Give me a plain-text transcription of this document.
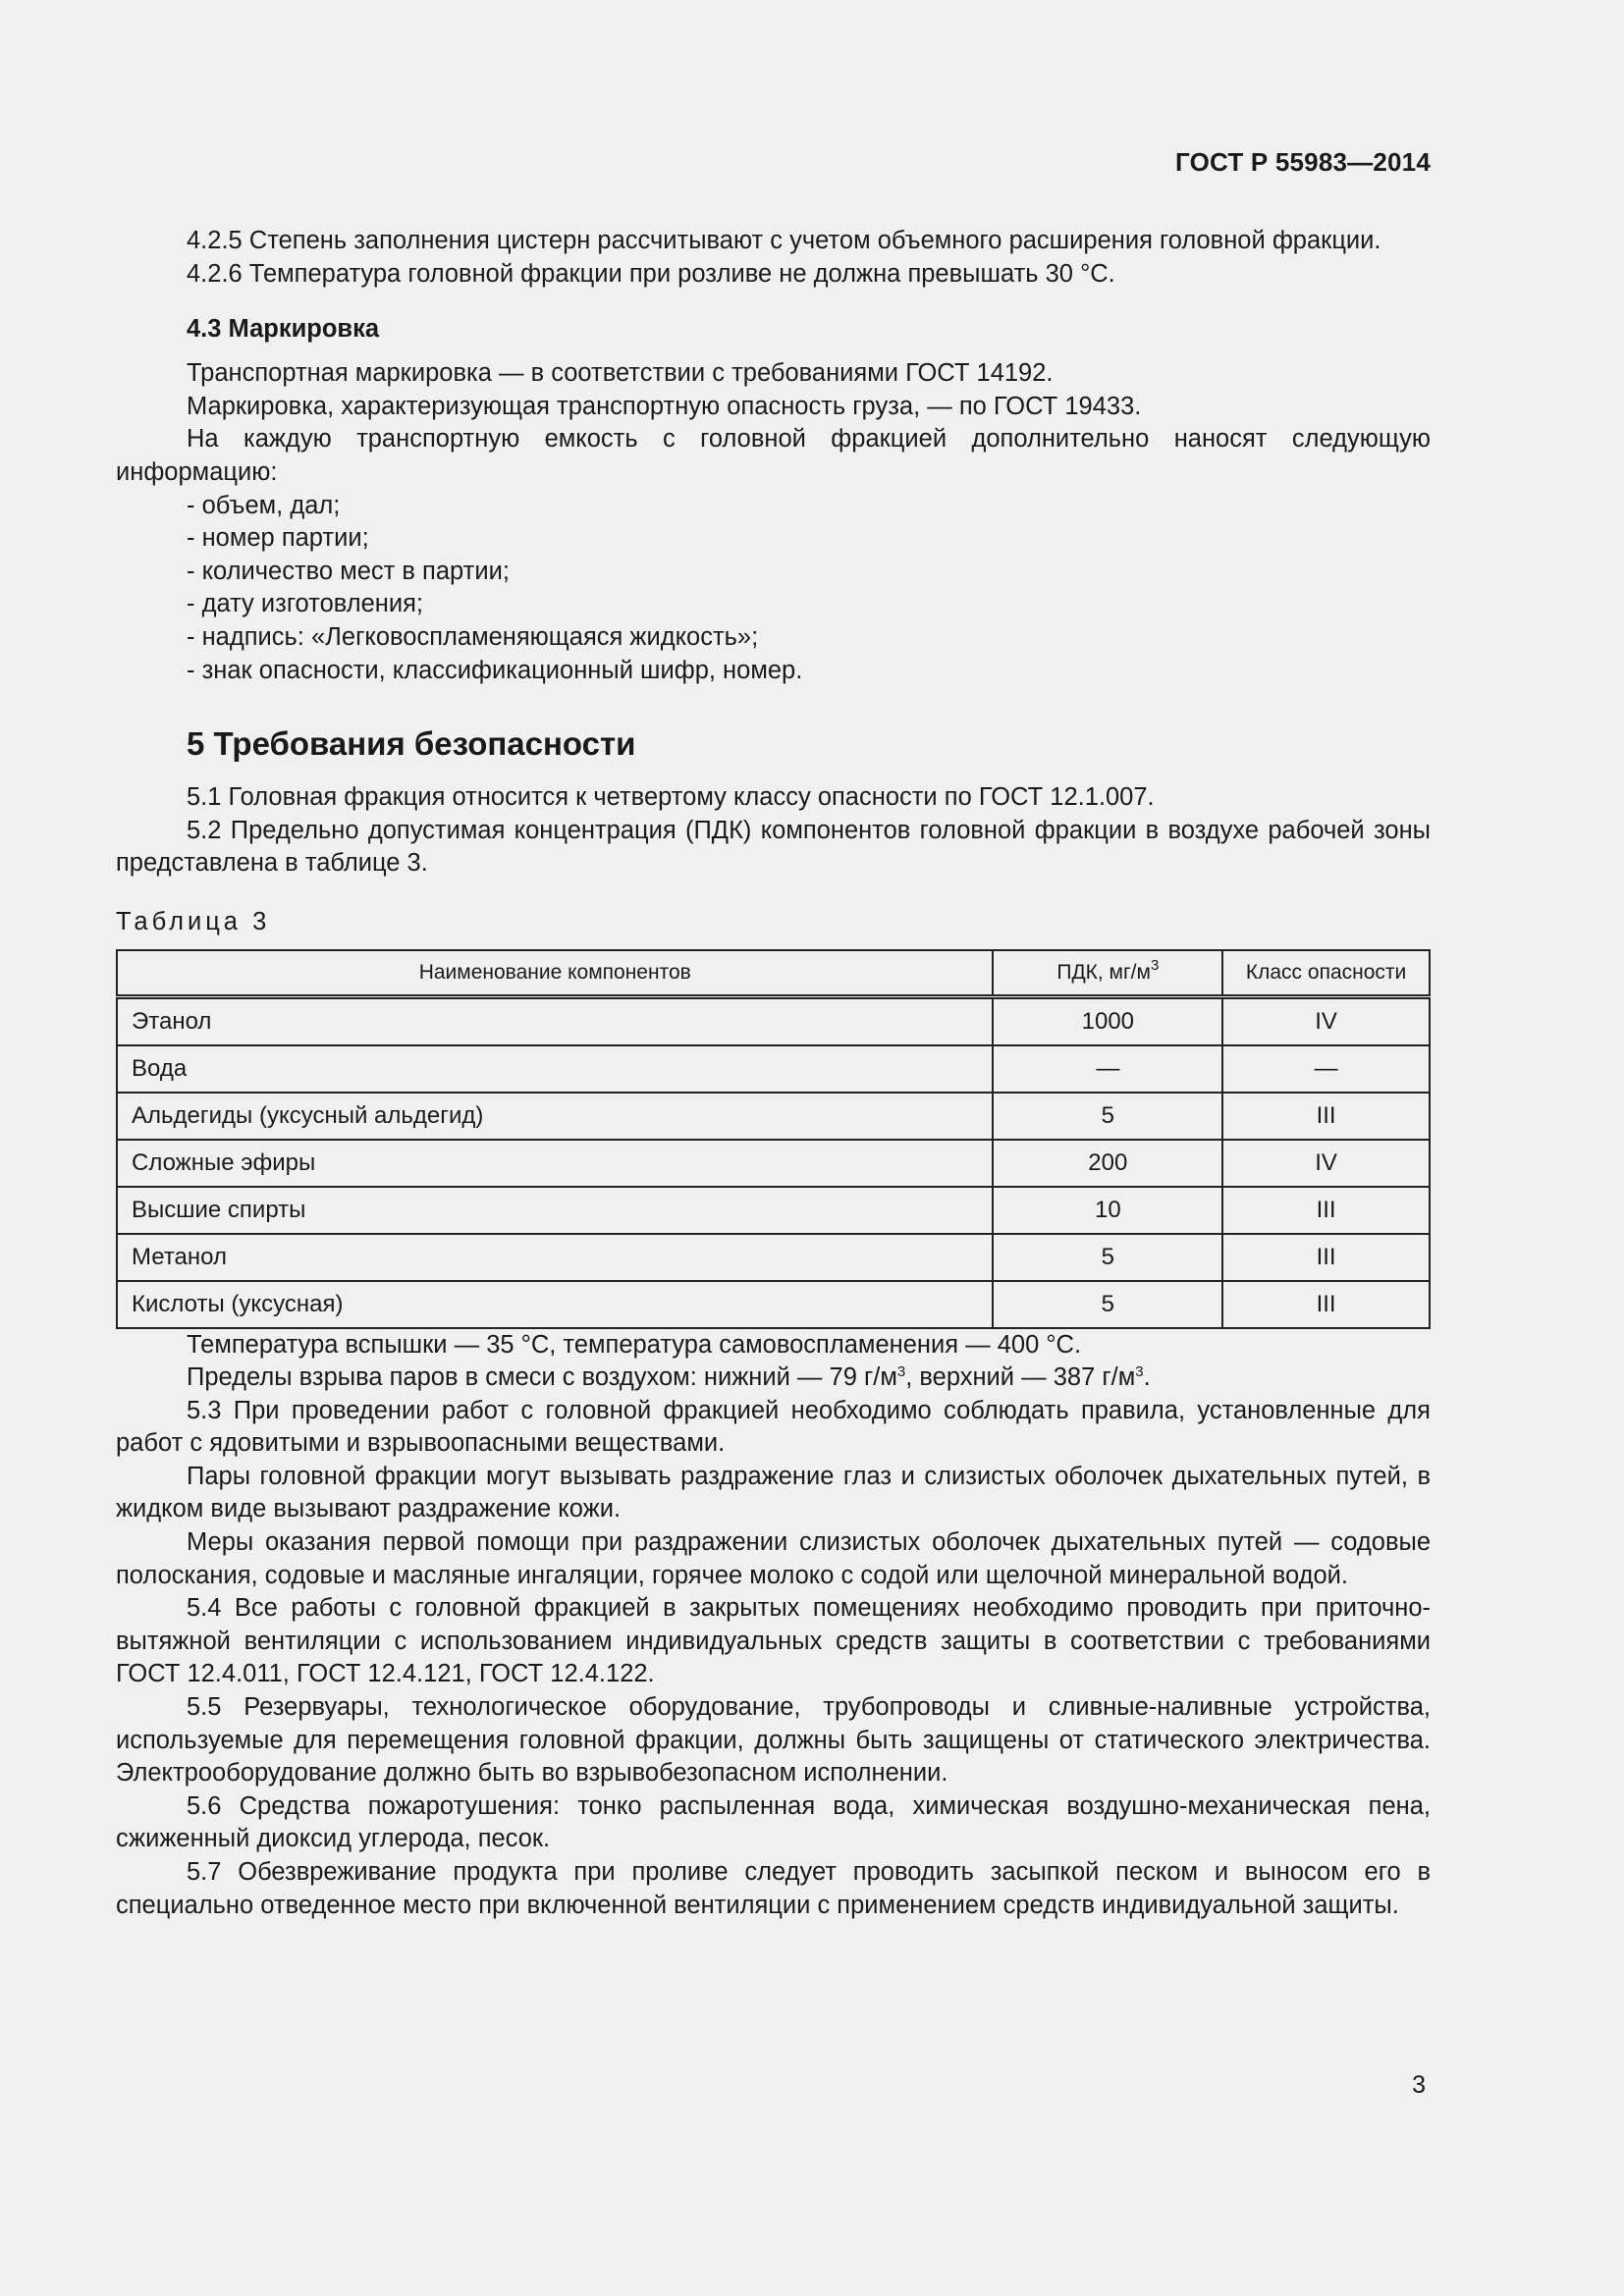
ГОСТ Р 55983—2014

4.2.5 Степень заполнения цистерн рассчитывают с учетом объемного расширения головной фракции.

4.2.6 Температура головной фракции при розливе не должна превышать 30 °С.

4.3 Маркировка

Транспортная маркировка — в соответствии с требованиями ГОСТ 14192.

Маркировка, характеризующая транспортную опасность груза, — по ГОСТ 19433.

На каждую транспортную емкость с головной фракцией дополнительно наносят следующую информацию:

- объем, дал;

- номер партии;

- количество мест в партии;

- дату изготовления;

- надпись: «Легковоспламеняющаяся жидкость»;

- знак опасности, классификационный шифр, номер.

5 Требования безопасности

5.1 Головная фракция относится к четвертому классу опасности по ГОСТ 12.1.007.

5.2 Предельно допустимая концентрация (ПДК) компонентов головной фракции в воздухе рабочей зоны представлена в таблице 3.

Таблица 3
Наименование компонентов	ПДК, $мг/м^3$	Класс опасности
Этанол	1000	IV
Вода	—	—
Альдегиды (уксусный альдегид)	5	III
Сложные эфиры	200	IV
Высшие спирты	10	III
Метанол	5	III
Кислоты (уксусная)	5	III

Температура вспышки — 35 °С, температура самовоспламенения — 400 °С.

Пределы взрыва паров в смеси с воздухом: нижний — 79 $г/м^3$, верхний — 387 $г/м^3$.

5.3 При проведении работ с головной фракцией необходимо соблюдать правила, установленные для работ с ядовитыми и взрывоопасными веществами.

Пары головной фракции могут вызывать раздражение глаз и слизистых оболочек дыхательных путей, в жидком виде вызывают раздражение кожи.

Меры оказания первой помощи при раздражении слизистых оболочек дыхательных путей — содовые полоскания, содовые и масляные ингаляции, горячее молоко с содой или щелочной минеральной водой.

5.4 Все работы с головной фракцией в закрытых помещениях необходимо проводить при приточно-вытяжной вентиляции с использованием индивидуальных средств защиты в соответствии с требованиями ГОСТ 12.4.011, ГОСТ 12.4.121, ГОСТ 12.4.122.

5.5 Резервуары, технологическое оборудование, трубопроводы и сливные-наливные устройства, используемые для перемещения головной фракции, должны быть защищены от статического электричества. Электрооборудование должно быть во взрывобезопасном исполнении.

5.6 Средства пожаротушения: тонко распыленная вода, химическая воздушно-механическая пена, сжиженный диоксид углерода, песок.

5.7 Обезвреживание продукта при проливе следует проводить засыпкой песком и выносом его в специально отведенное место при включенной вентиляции с применением средств индивидуальной защиты.

3
